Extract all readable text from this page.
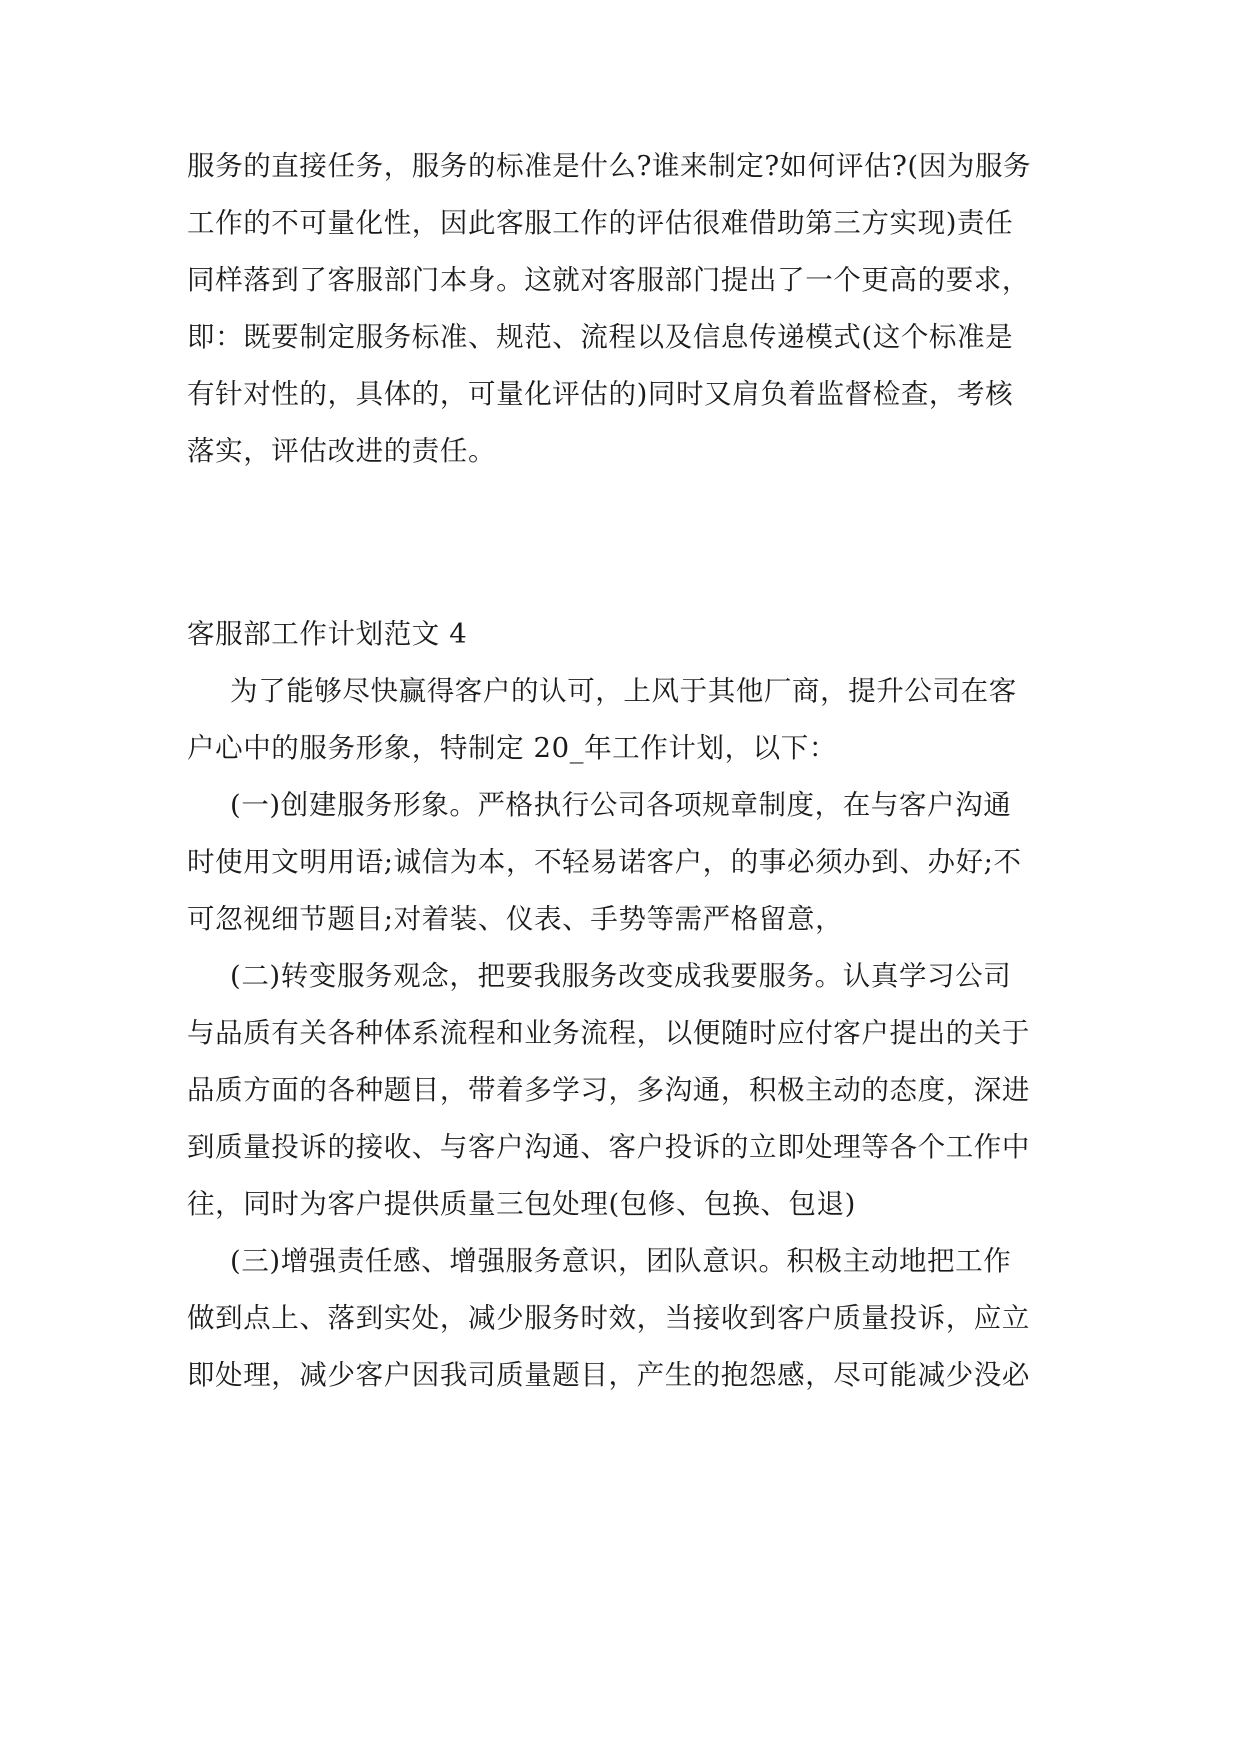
服务的直接任务，服务的标准是什么?谁来制定?如何评估?(因为服务
工作的不可量化性，因此客服工作的评估很难借助第三方实现)责任
同样落到了客服部门本身。这就对客服部门提出了一个更高的要求，
即：既要制定服务标准、规范、流程以及信息传递模式(这个标准是
有针对性的，具体的，可量化评估的)同时又肩负着监督检查，考核
落实，评估改进的责任。
客服部工作计划范文 4
为了能够尽快赢得客户的认可，上风于其他厂商，提升公司在客
户心中的服务形象，特制定 20_年工作计划，以下：
(一)创建服务形象。严格执行公司各项规章制度，在与客户沟通
时使用文明用语;诚信为本，不轻易诺客户，的事必须办到、办好;不
可忽视细节题目;对着装、仪表、手势等需严格留意，
(二)转变服务观念，把要我服务改变成我要服务。认真学习公司
与品质有关各种体系流程和业务流程，以便随时应付客户提出的关于
品质方面的各种题目，带着多学习，多沟通，积极主动的态度，深进
到质量投诉的接收、与客户沟通、客户投诉的立即处理等各个工作中
往，同时为客户提供质量三包处理(包修、包换、包退)
(三)增强责任感、增强服务意识，团队意识。积极主动地把工作
做到点上、落到实处，减少服务时效，当接收到客户质量投诉，应立
即处理，减少客户因我司质量题目，产生的抱怨感，尽可能减少没必
